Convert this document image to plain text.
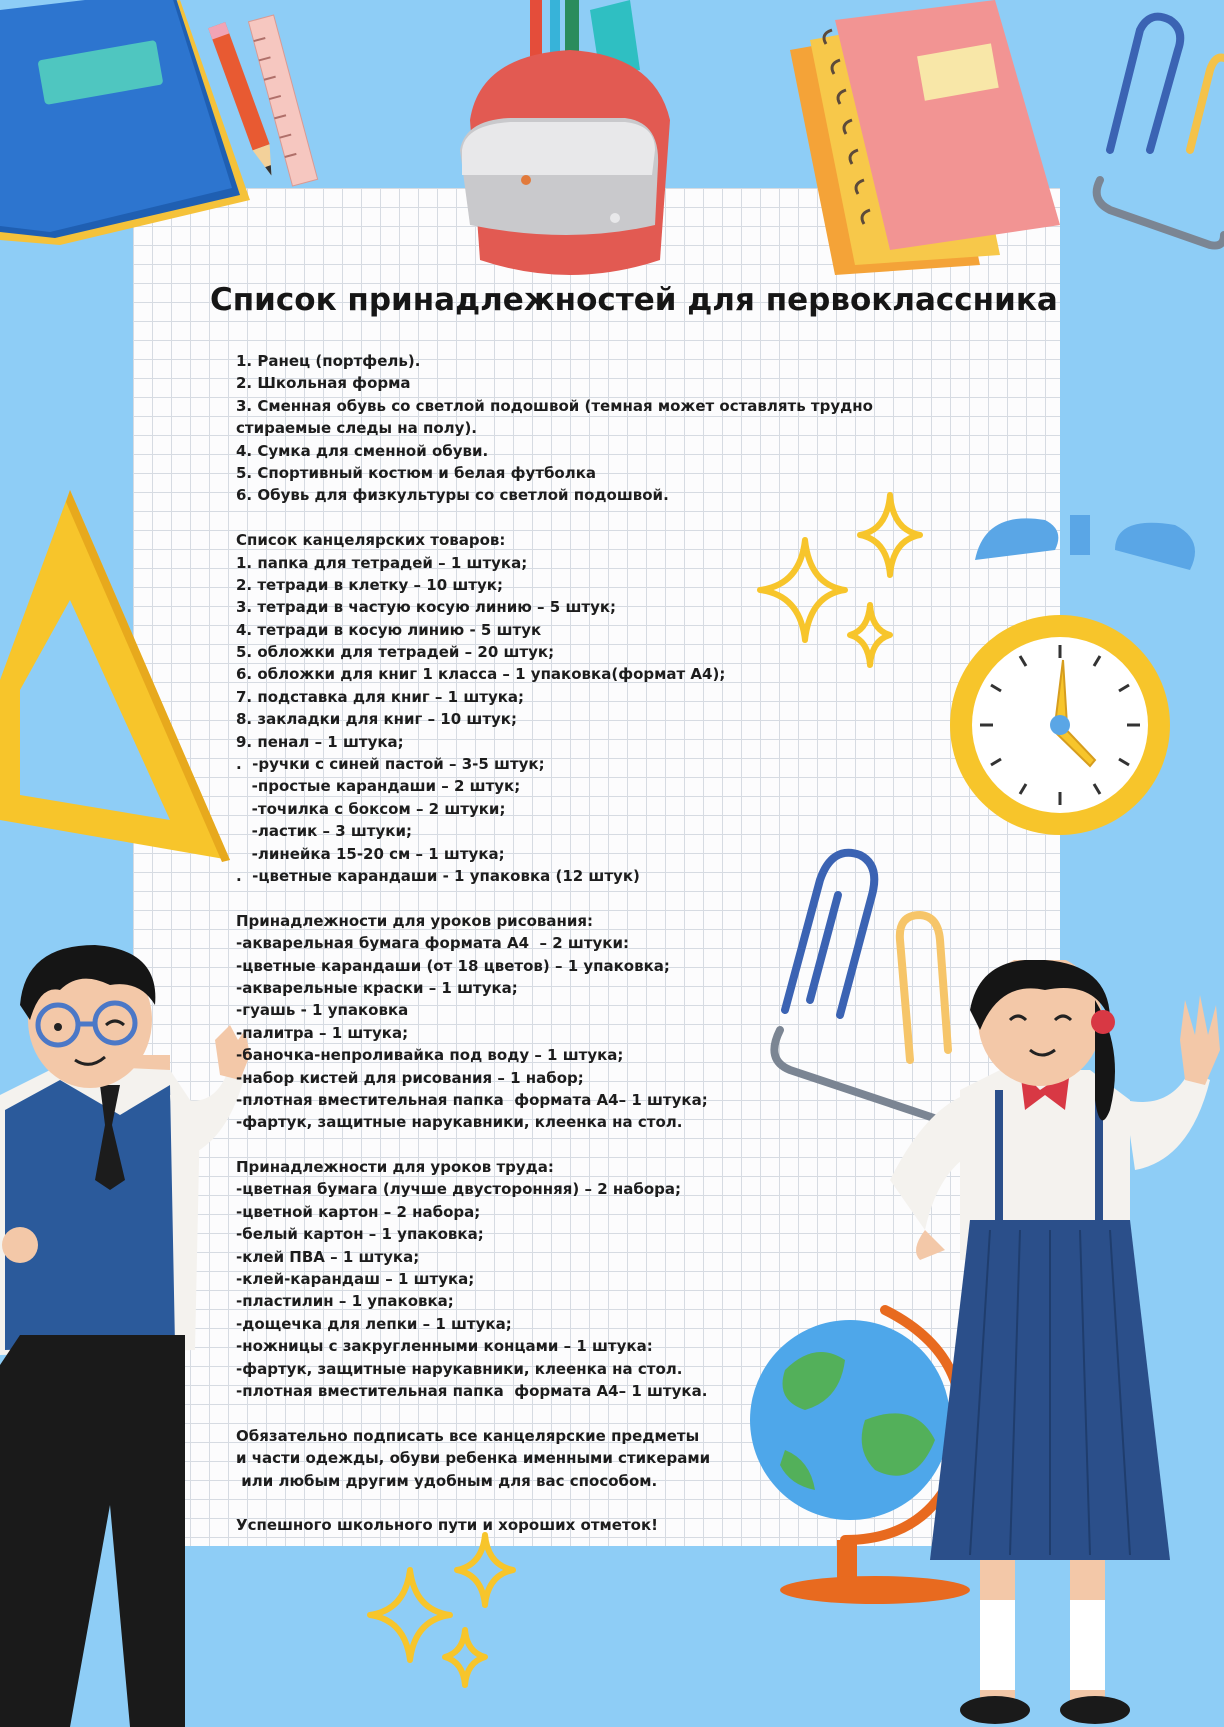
Список принадлежностей для первоклассника
1. Ранец (портфель).
2. Школьная форма
3. Сменная обувь со светлой подошвой (темная может оставлять трудно
стираемые следы на полу).
4. Сумка для сменной обуви.
5. Спортивный костюм и белая футболка
6. Обувь для физкультуры со светлой подошвой.
Список канцелярских товаров:
1. папка для тетрадей – 1 штука;
2. тетради в клетку – 10 штук;
3. тетради в частую косую линию – 5 штук;
4. тетради в косую линию - 5 штук
5. обложки для тетрадей – 20 штук;
6. обложки для книг 1 класса – 1 упаковка(формат А4);
7. подставка для книг – 1 штука;
8. закладки для книг – 10 штук;
9. пенал – 1 штука;
.  -ручки с синей пастой – 3-5 штук;
-простые карандаши – 2 штук;
-точилка с боксом – 2 штуки;
-ластик – 3 штуки;
-линейка 15-20 см – 1 штука;
.  -цветные карандаши - 1 упаковка (12 штук)
Принадлежности для уроков рисования:
-акварельная бумага формата А4  – 2 штуки:
-цветные карандаши (от 18 цветов) – 1 упаковка;
-акварельные краски – 1 штука;
-гуашь - 1 упаковка
-палитра – 1 штука;
-баночка-непроливайка под воду – 1 штука;
-набор кистей для рисования – 1 набор;
-плотная вместительная папка  формата А4– 1 штука;
-фартук, защитные нарукавники, клеенка на стол.
Принадлежности для уроков труда:
-цветная бумага (лучше двусторонняя) – 2 набора;
-цветной картон – 2 набора;
-белый картон – 1 упаковка;
-клей ПВА – 1 штука;
-клей-карандаш – 1 штука;
-пластилин – 1 упаковка;
-дощечка для лепки – 1 штука;
-ножницы с закругленными концами – 1 штука:
-фартук, защитные нарукавники, клеенка на стол.
-плотная вместительная папка  формата А4– 1 штука.
Обязательно подписать все канцелярские предметы
и части одежды, обуви ребенка именными стикерами
или любым другим удобным для вас способом.
Успешного школьного пути и хороших отметок!
